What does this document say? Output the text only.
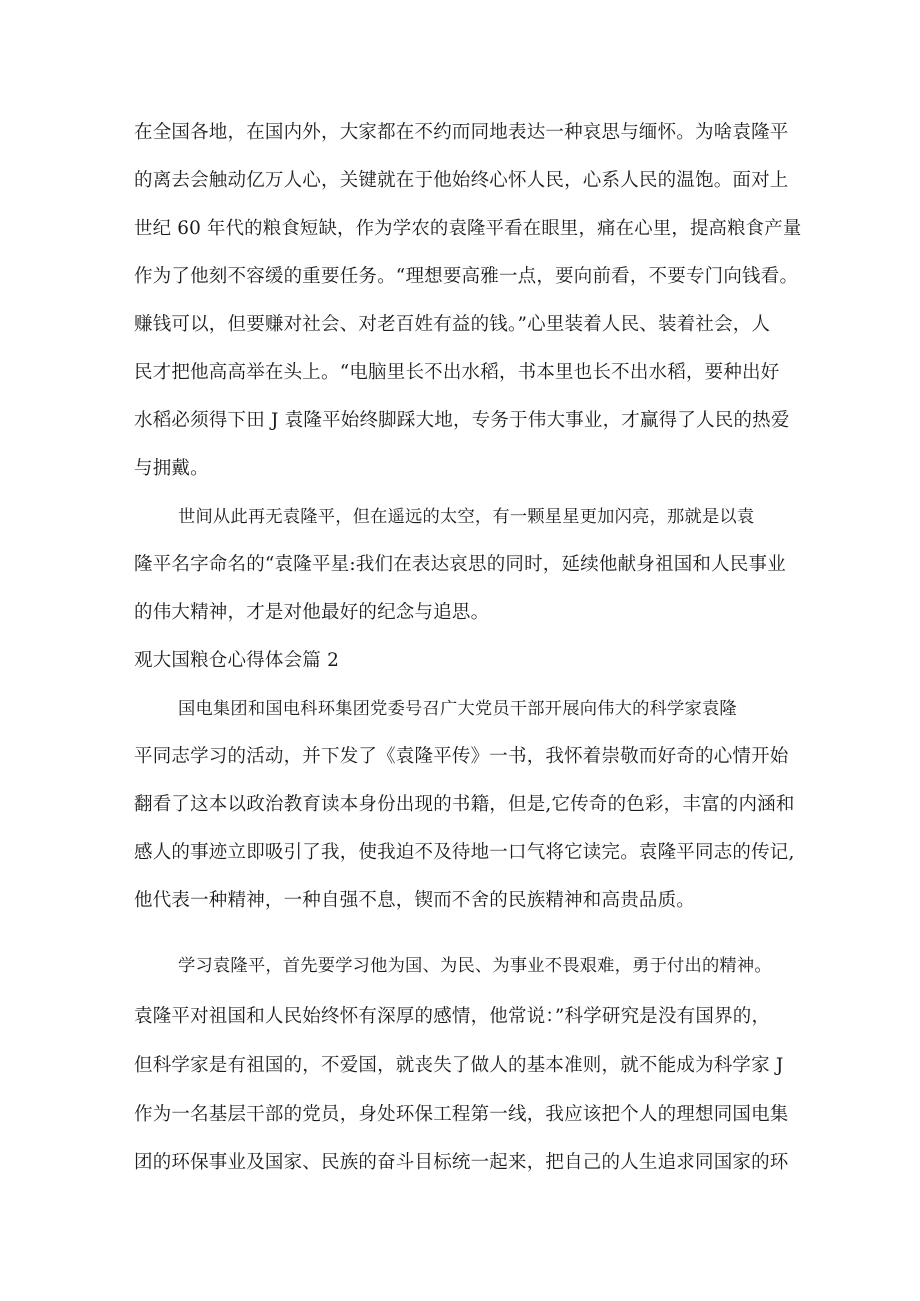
在全国各地，在国内外，大家都在不约而同地表达一种哀思与缅怀。为啥袁隆平
的离去会触动亿万人心，关键就在于他始终心怀人民，心系人民的温饱。面对上
世纪 60 年代的粮食短缺，作为学农的袁隆平看在眼里，痛在心里，提高粮食产量
作为了他刻不容缓的重要任务。“理想要高雅一点，要向前看，不要专门向钱看。
赚钱可以，但要赚对社会、对老百姓有益的钱。”心里装着人民、装着社会，人
民才把他高高举在头上。“电脑里长不出水稻，书本里也长不出水稻，要种出好
水稻必须得下田 J 袁隆平始终脚踩大地，专务于伟大事业，才赢得了人民的热爱
与拥戴。
世间从此再无袁隆平，但在遥远的太空，有一颗星星更加闪亮，那就是以袁
隆平名字命名的“袁隆平星:我们在表达哀思的同时，延续他献身祖国和人民事业
的伟大精神，才是对他最好的纪念与追思。
观大国粮仓心得体会篇 2
国电集团和国电科环集团党委号召广大党员干部开展向伟大的科学家袁隆
平同志学习的活动，并下发了《袁隆平传》一书，我怀着崇敬而好奇的心情开始
翻看了这本以政治教育读本身份出现的书籍，但是,它传奇的色彩，丰富的内涵和
感人的事迹立即吸引了我，使我迫不及待地一口气将它读完。袁隆平同志的传记,
他代表一种精神，一种自强不息，锲而不舍的民族精神和高贵品质。
学习袁隆平，首先要学习他为国、为民、为事业不畏艰难，勇于付出的精神。
袁隆平对祖国和人民始终怀有深厚的感情，他常说：”科学研究是没有国界的，
但科学家是有祖国的，不爱国，就丧失了做人的基本准则，就不能成为科学家 J
作为一名基层干部的党员，身处环保工程第一线，我应该把个人的理想同国电集
团的环保事业及国家、民族的奋斗目标统一起来，把自己的人生追求同国家的环
